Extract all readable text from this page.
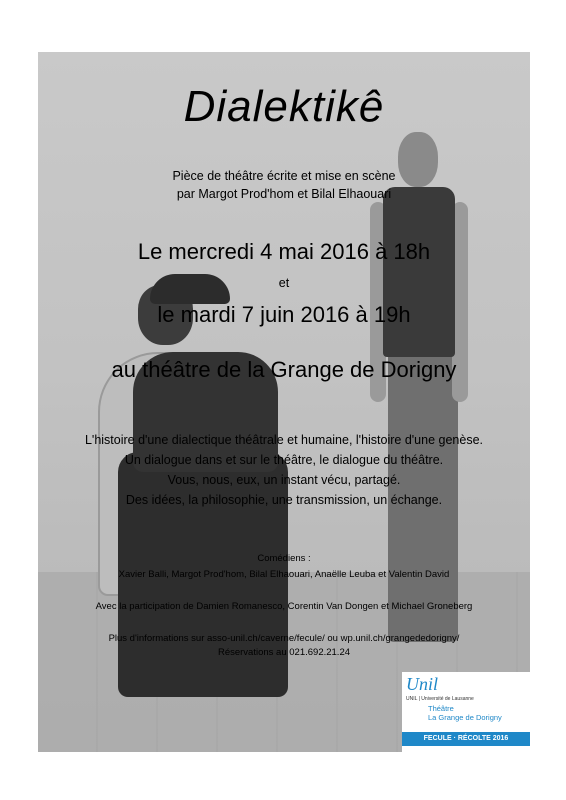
Dialektikê
Pièce de théâtre écrite et mise en scène
par Margot Prod'hom et Bilal Elhaouari
Le mercredi 4 mai 2016 à 18h
et
le mardi 7 juin 2016 à 19h
au théâtre de la Grange de Dorigny
L'histoire d'une dialectique théâtrale et humaine, l'histoire d'une genèse.
Un dialogue dans et sur le théâtre, le dialogue du théâtre.
Vous, nous, eux, un instant vécu, partagé.
Des idées, la philosophie, une transmission, un échange.
Comédiens :
Xavier Balli, Margot Prod'hom, Bilal Elhaouari, Anaëlle Leuba et Valentin David
Avec la participation de Damien Romanesco, Corentin Van Dongen et Michael Groneberg
Plus d'informations sur asso-unil.ch/caverne/fecule/ ou wp.unil.ch/grangededorigny/
Réservations au 021.692.21.24
Unil
UNIL | Université de Lausanne
Théâtre
La Grange de Dorigny
FECULE · RÉCOLTE 2016
